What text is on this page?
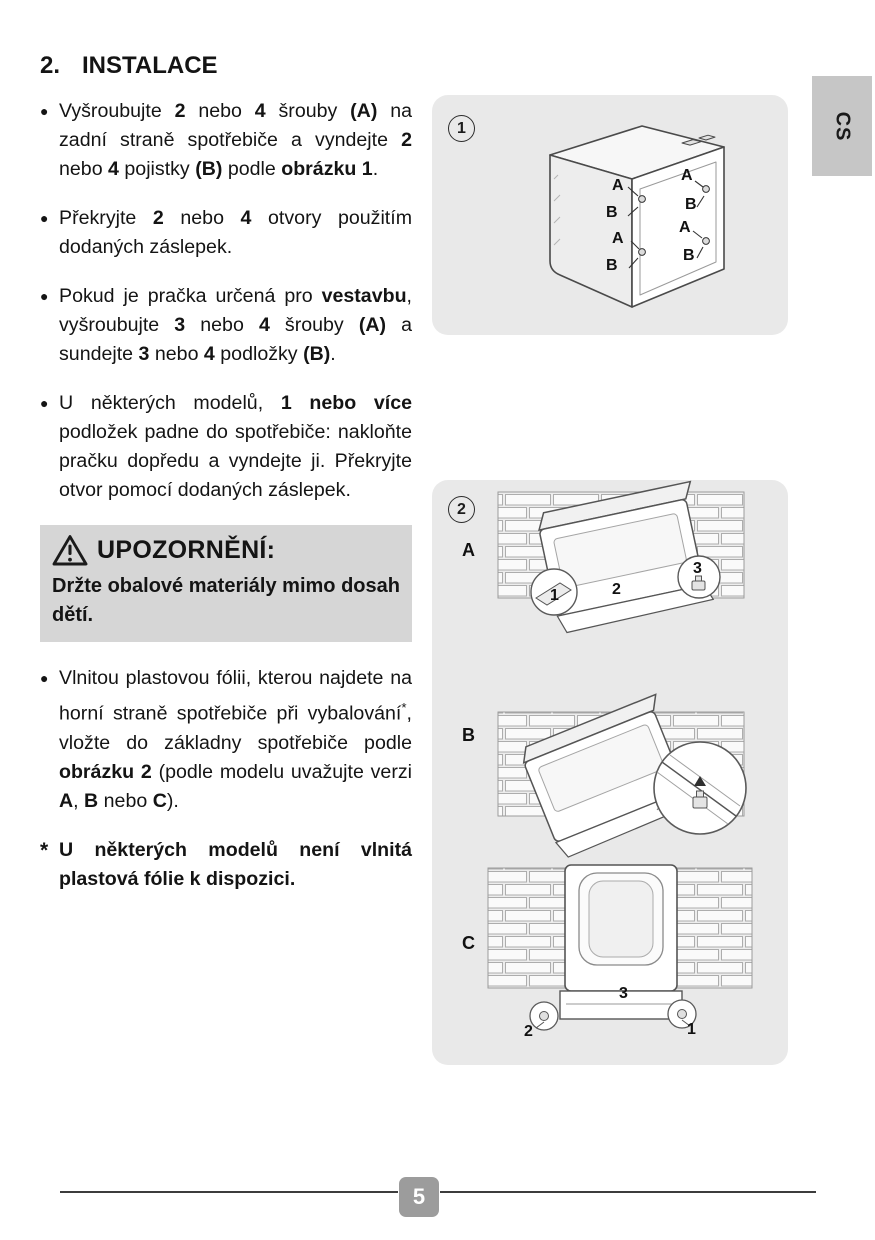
2. INSTALACE
● Vyšroubujte 2 nebo 4 šrouby (A) na zadní straně spotřebiče a vyndejte 2 nebo 4 pojistky (B) podle obrázku 1.

● Překryjte 2 nebo 4 otvory použitím dodaných záslepek.

● Pokud je pračka určená pro vestavbu, vyšroubujte 3 nebo 4 šrouby (A) a sundejte 3 nebo 4 podložky (B).

● U některých modelů, 1 nebo více podložek padne do spotřebiče: nakloňte pračku dopředu a vyndejte ji. Překryjte otvor pomocí dodaných záslepek.

UPOZORNĚNÍ:

Držte obalové materiály mimo dosah dětí.

● Vlnitou plastovou fólii, kterou najdete na horní straně spotřebiče při vybalování*, vložte do základny spotřebiče podle obrázku 2 (podle modelu uvažujte verzi A, B nebo C).

* U některých modelů není vlnitá plastová fólie k dispozici.

1
A
B
A
B
A
B
A
B
2
A
B
C
1	2
3
3
2	1
CS
5
